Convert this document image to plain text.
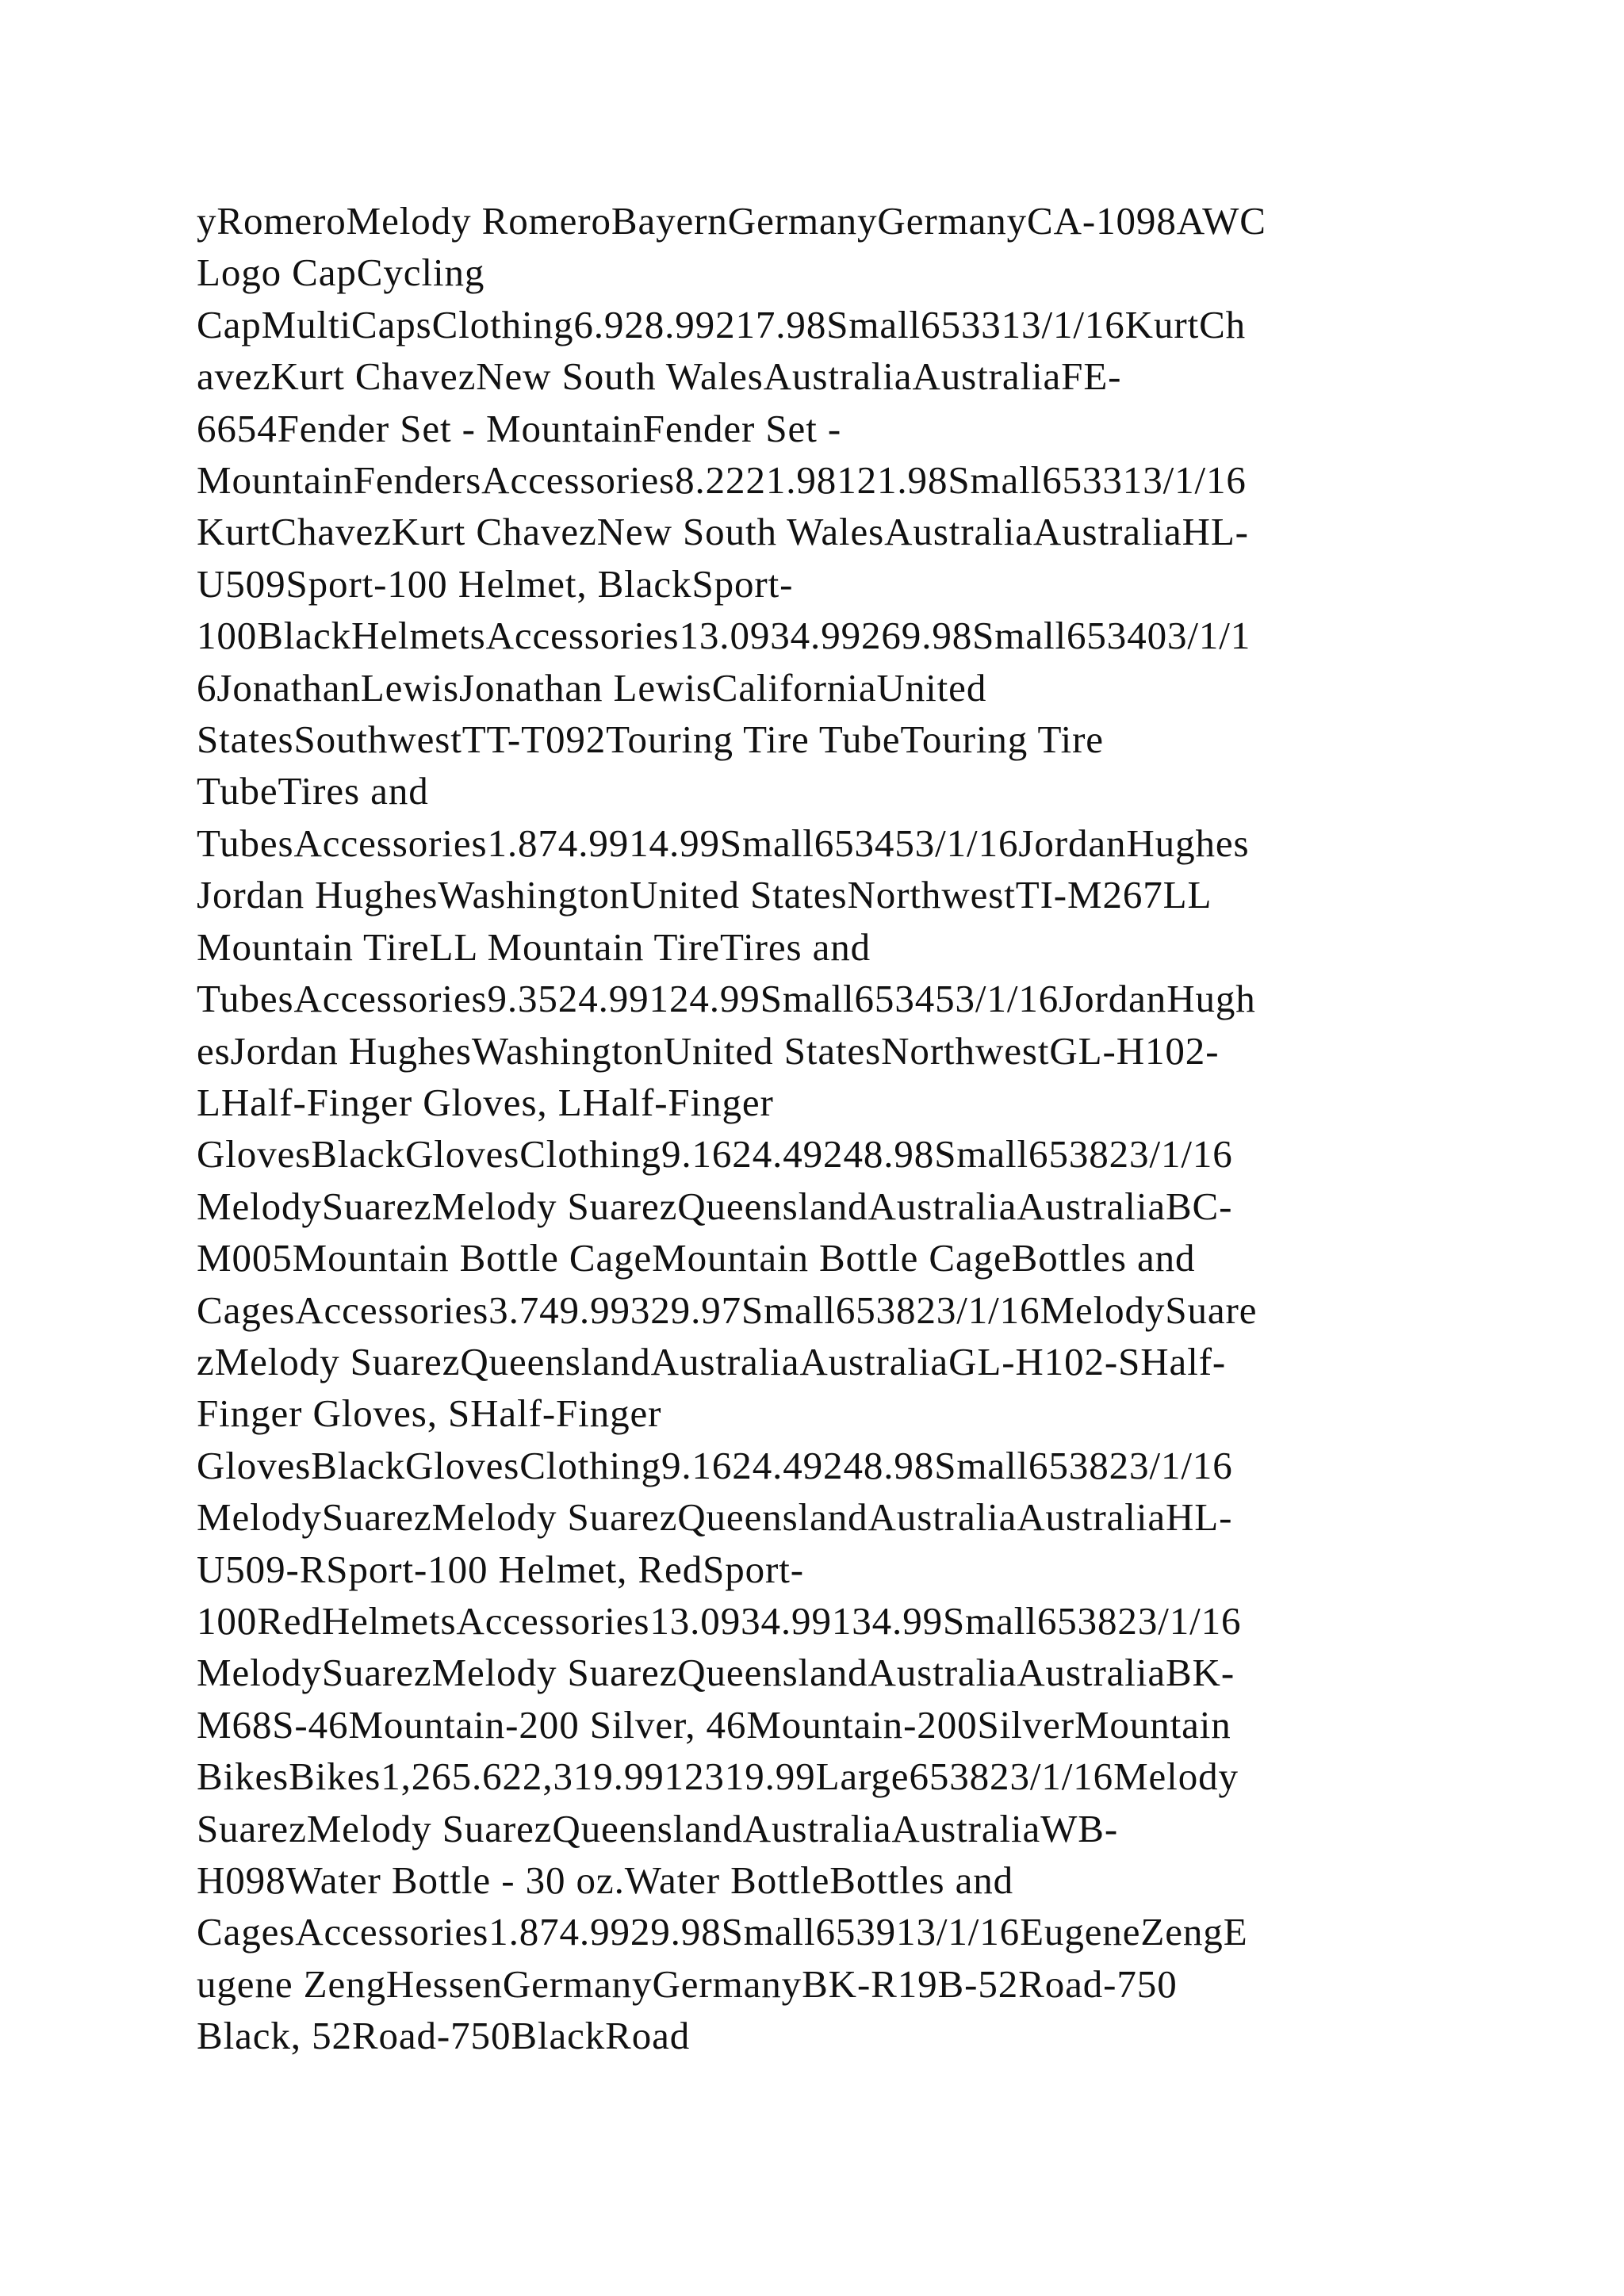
yRomeroMelody RomeroBayernGermanyGermanyCA-1098AWC
Logo CapCycling
CapMultiCapsClothing6.928.99217.98Small653313/1/16KurtCh
avezKurt ChavezNew South WalesAustraliaAustraliaFE-
6654Fender Set - MountainFender Set -
MountainFendersAccessories8.2221.98121.98Small653313/1/16
KurtChavezKurt ChavezNew South WalesAustraliaAustraliaHL-
U509Sport-100 Helmet, BlackSport-
100BlackHelmetsAccessories13.0934.99269.98Small653403/1/1
6JonathanLewisJonathan LewisCaliforniaUnited
StatesSouthwestTT-T092Touring Tire TubeTouring Tire
TubeTires and
TubesAccessories1.874.9914.99Small653453/1/16JordanHughes
Jordan HughesWashingtonUnited StatesNorthwestTI-M267LL
Mountain TireLL Mountain TireTires and
TubesAccessories9.3524.99124.99Small653453/1/16JordanHugh
esJordan HughesWashingtonUnited StatesNorthwestGL-H102-
LHalf-Finger Gloves, LHalf-Finger
GlovesBlackGlovesClothing9.1624.49248.98Small653823/1/16
MelodySuarezMelody SuarezQueenslandAustraliaAustraliaBC-
M005Mountain Bottle CageMountain Bottle CageBottles and
CagesAccessories3.749.99329.97Small653823/1/16MelodySuare
zMelody SuarezQueenslandAustraliaAustraliaGL-H102-SHalf-
Finger Gloves, SHalf-Finger
GlovesBlackGlovesClothing9.1624.49248.98Small653823/1/16
MelodySuarezMelody SuarezQueenslandAustraliaAustraliaHL-
U509-RSport-100 Helmet, RedSport-
100RedHelmetsAccessories13.0934.99134.99Small653823/1/16
MelodySuarezMelody SuarezQueenslandAustraliaAustraliaBK-
M68S-46Mountain-200 Silver, 46Mountain-200SilverMountain
BikesBikes1,265.622,319.9912319.99Large653823/1/16Melody
SuarezMelody SuarezQueenslandAustraliaAustraliaWB-
H098Water Bottle - 30 oz.Water BottleBottles and
CagesAccessories1.874.9929.98Small653913/1/16EugeneZengE
ugene ZengHessenGermanyGermanyBK-R19B-52Road-750
Black, 52Road-750BlackRoad
